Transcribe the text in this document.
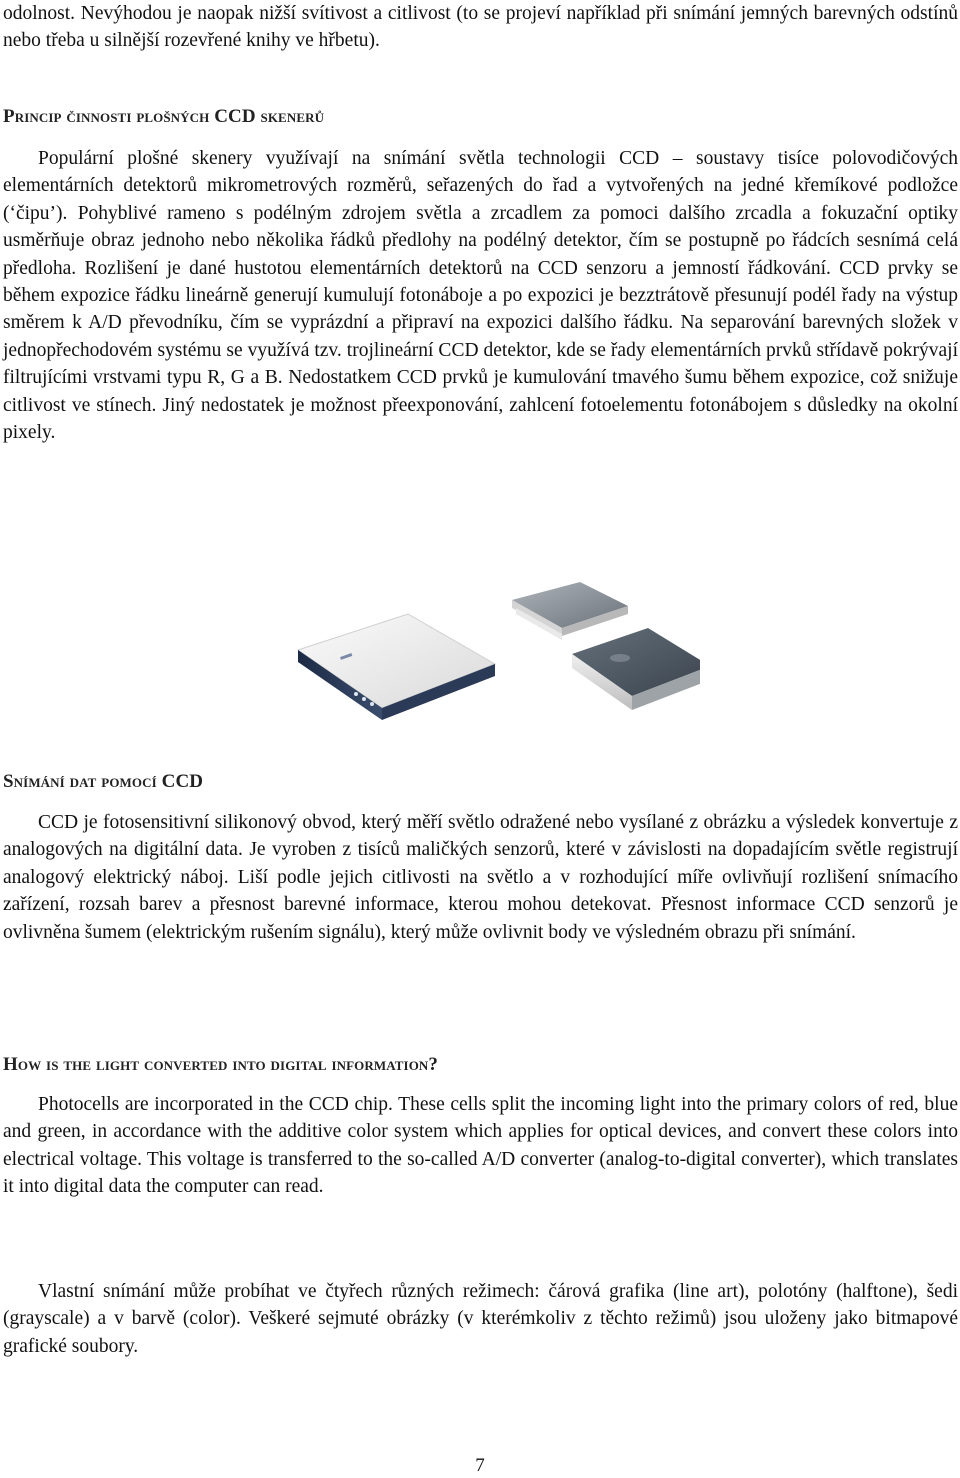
odolnost. Nevýhodou je naopak nižší svítivost a citlivost (to se projeví například při snímání jemných barevných odstínů nebo třeba u silnější rozevřené knihy ve hřbetu).

Princip činnosti plošných CCD skenerů

Populární plošné skenery využívají na snímání světla technologii CCD – soustavy tisíce polovodičových elementárních detektorů mikrometrových rozměrů, seřazených do řad a vytvořených na jedné křemíkové podložce (‘čipu’). Pohyblivé rameno s podélným zdrojem světla a zrcadlem za pomoci dalšího zrcadla a fokuzační optiky usměrňuje obraz jednoho nebo několika řádků předlohy na podélný detektor, čím se postupně po řádcích sesnímá celá předloha. Rozlišení je dané hustotou elementárních detektorů na CCD senzoru a jemností řádkování. CCD prvky se během expozice řádku lineárně generují kumulují fotonáboje a po expozici je bezztrátově přesunují podél řady na výstup směrem k A/D převodníku, čím se vyprázdní a připraví na expozici dalšího řádku. Na separování barevných složek v jednopřechodovém systému se využívá tzv. trojlineární CCD detektor, kde se řady elementárních prvků střídavě pokrývají filtrujícími vrstvami typu R, G a B. Nedostatkem CCD prvků je kumulování tmavého šumu během expozice, což snižuje citlivost ve stínech. Jiný nedostatek je možnost přeexponování, zahlcení fotoelementu fotonábojem s důsledky na okolní pixely.

Snímání dat pomocí CCD

CCD je fotosensitivní silikonový obvod, který měří světlo odražené nebo vysílané z obrázku a výsledek konvertuje z analogových na digitální data. Je vyroben z tisíců maličkých senzorů, které v závislosti na dopadajícím světle registrují analogový elektrický náboj. Liší podle jejich citlivosti na světlo a v rozhodující míře ovlivňují rozlišení snímacího zařízení, rozsah barev a přesnost barevné informace, kterou mohou detekovat. Přesnost informace CCD senzorů je ovlivněna šumem (elektrickým rušením signálu), který může ovlivnit body ve výsledném obrazu při snímání.

How is the light converted into digital information?

Photocells are incorporated in the CCD chip. These cells split the incoming light into the primary colors of red, blue and green, in accordance with the additive color system which applies for optical devices, and convert these colors into electrical voltage. This voltage is transferred to the so-called A/D converter (analog-to-digital converter), which translates it into digital data the computer can read.

Vlastní snímání může probíhat ve čtyřech různých režimech: čárová grafika (line art), polotóny (halftone), šedi (grayscale) a v barvě (color). Veškeré sejmuté obrázky (v kterémkoliv z těchto režimů) jsou uloženy jako bitmapové grafické soubory.

7
